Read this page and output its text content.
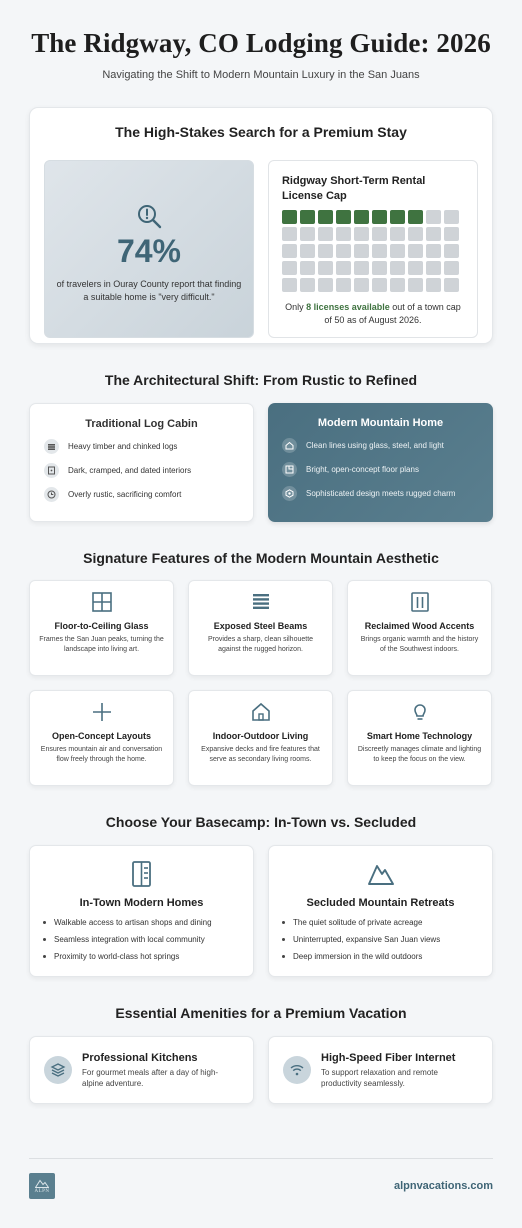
The Ridgway, CO Lodging Guide: 2026

Navigating the Shift to Modern Mountain Luxury in the San Juans

The High-Stakes Search for a Premium Stay
74%
of travelers in Ouray County report that finding a suitable home is "very difficult."
Ridgway Short-Term Rental License Cap
Only 8 licenses available out of a town cap of 50 as of August 2026.
The Architectural Shift: From Rustic to Refined
Traditional Log Cabin
Heavy timber and chinked logs
Dark, cramped, and dated interiors
Overly rustic, sacrificing comfort
Modern Mountain Home
Clean lines using glass, steel, and light
Bright, open-concept floor plans
Sophisticated design meets rugged charm
Signature Features of the Modern Mountain Aesthetic
Floor-to-Ceiling Glass
Frames the San Juan peaks, turning the landscape into living art.
Exposed Steel Beams
Provides a sharp, clean silhouette against the rugged horizon.
Reclaimed Wood Accents
Brings organic warmth and the history of the Southwest indoors.
Open-Concept Layouts
Ensures mountain air and conversation flow freely through the home.
Indoor-Outdoor Living
Expansive decks and fire features that serve as secondary living rooms.
Smart Home Technology
Discreetly manages climate and lighting to keep the focus on the view.
Choose Your Basecamp: In-Town vs. Secluded
In-Town Modern Homes
Walkable access to artisan shops and dining
Seamless integration with local community
Proximity to world-class hot springs
Secluded Mountain Retreats
The quiet solitude of private acreage
Uninterrupted, expansive San Juan views
Deep immersion in the wild outdoors
Essential Amenities for a Premium Vacation
Professional Kitchens
For gourmet meals after a day of high-alpine adventure.
High-Speed Fiber Internet
To support relaxation and remote productivity seamlessly.
ALPN	alpnvacations.com
